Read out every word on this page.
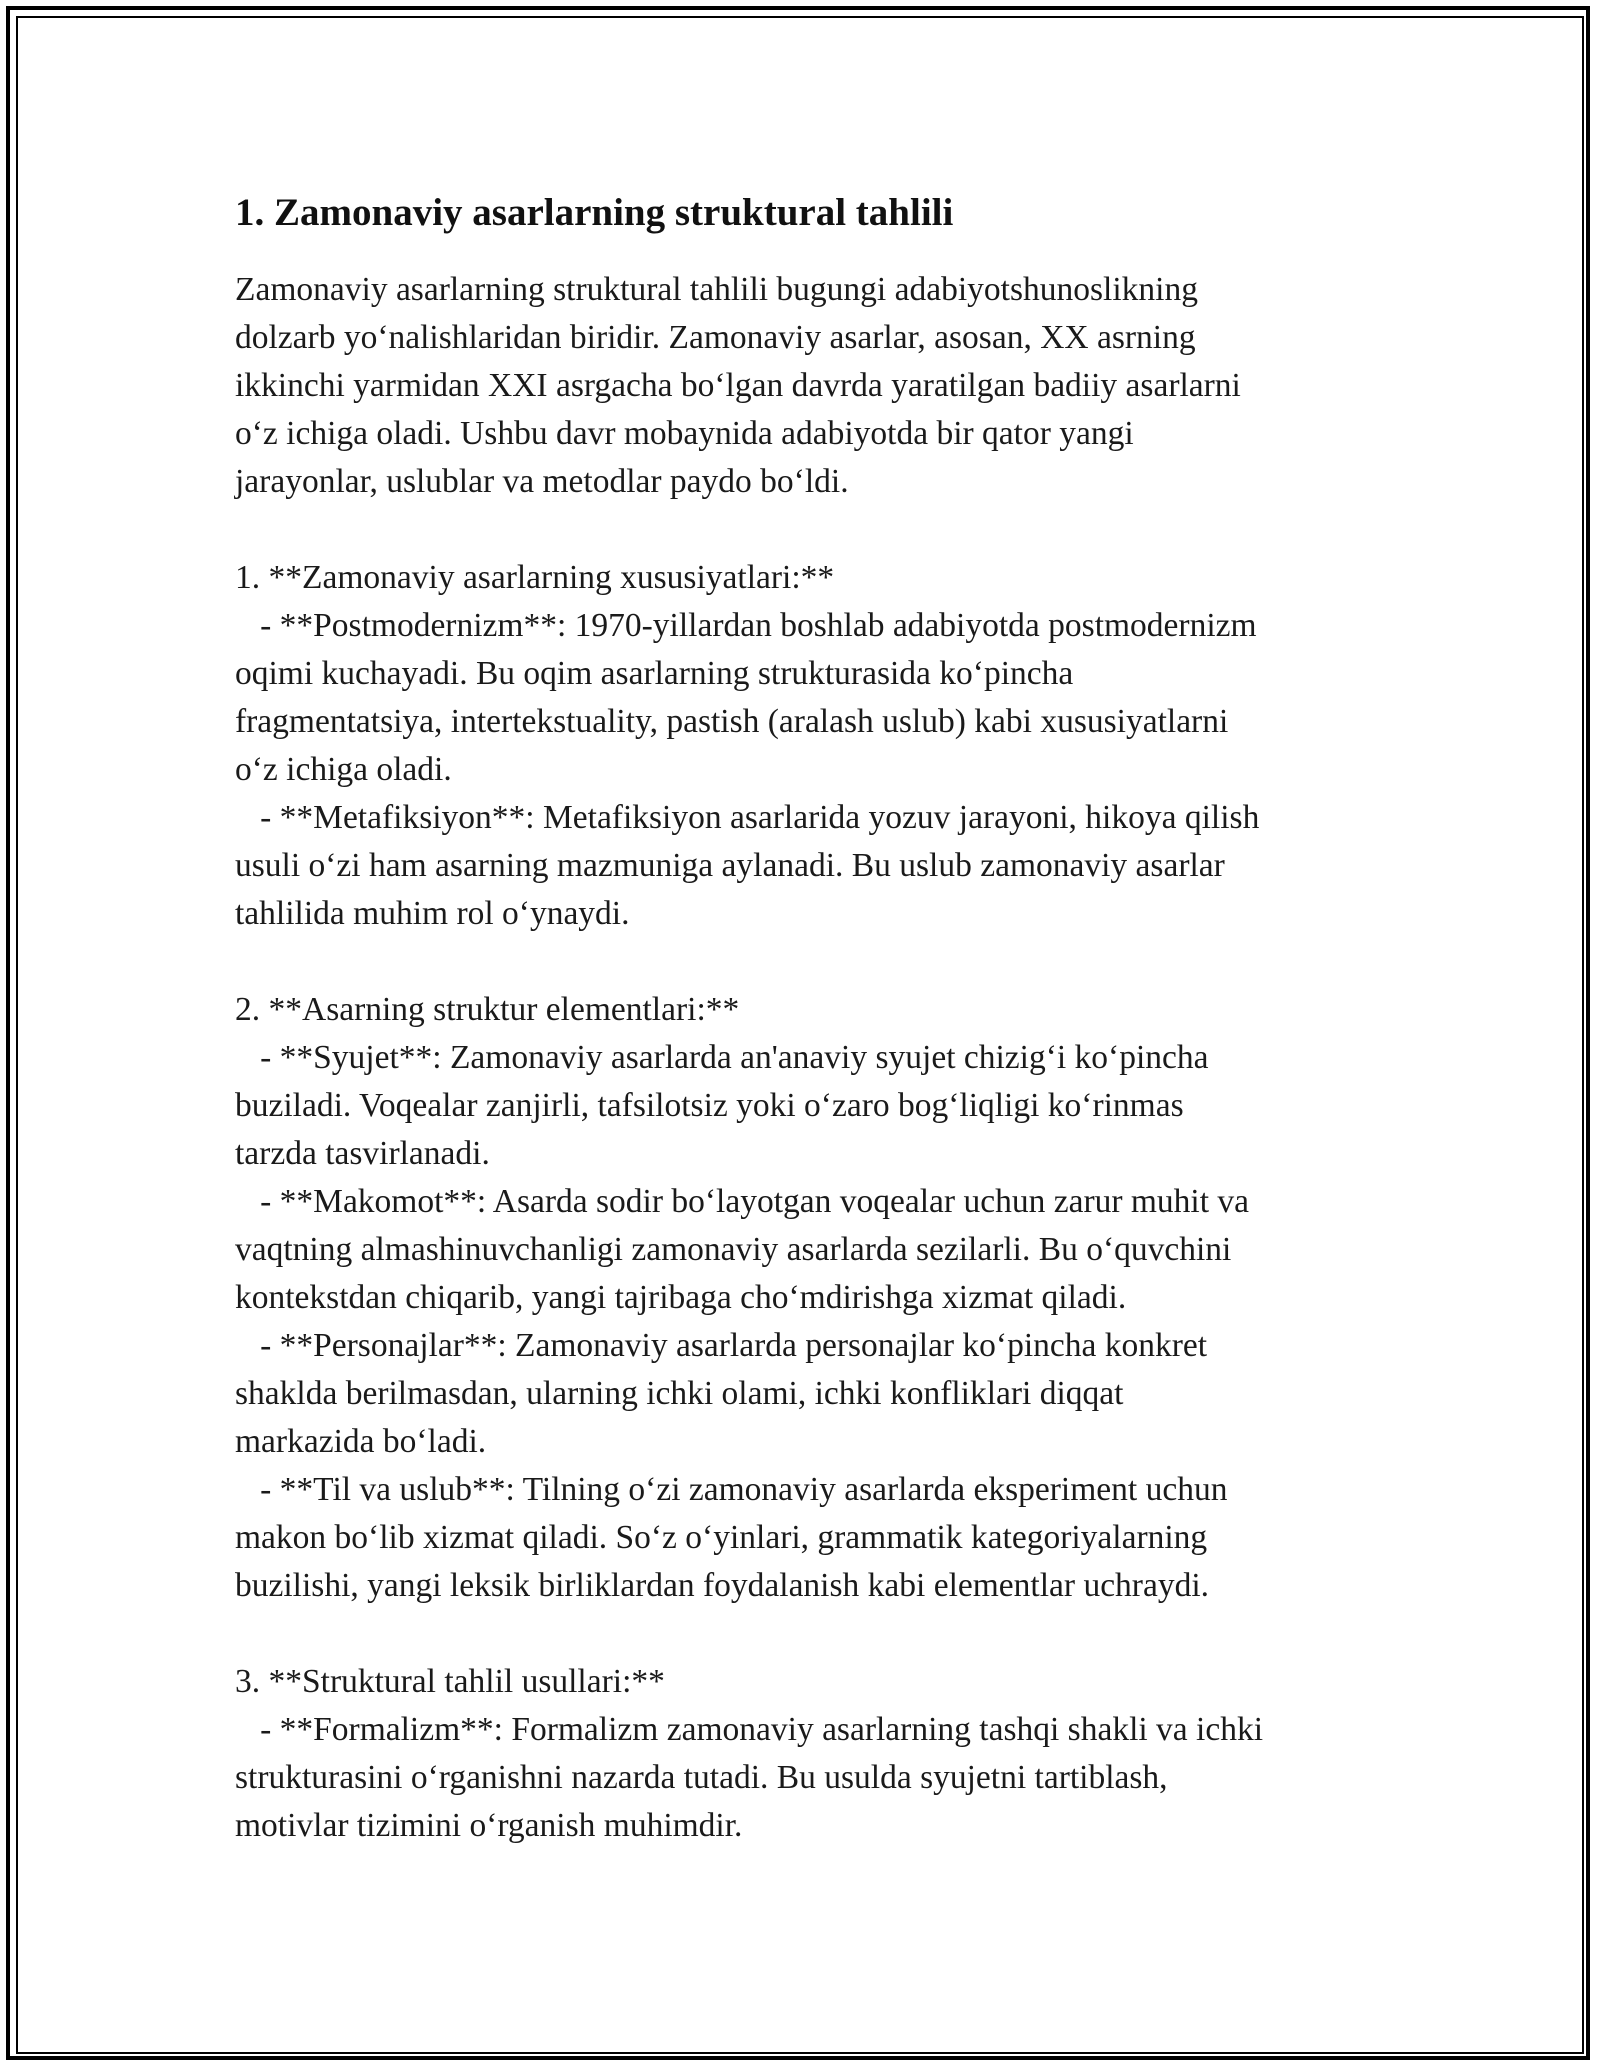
1. Zamonaviy asarlarning struktural tahlili

Zamonaviy asarlarning struktural tahlili bugungi adabiyotshunoslikning
dolzarb yo‘nalishlaridan biridir. Zamonaviy asarlar, asosan, XX asrning
ikkinchi yarmidan XXI asrgacha bo‘lgan davrda yaratilgan badiiy asarlarni
o‘z ichiga oladi. Ushbu davr mobaynida adabiyotda bir qator yangi
jarayonlar, uslublar va metodlar paydo bo‘ldi.

1. **Zamonaviy asarlarning xususiyatlari:**
- **Postmodernizm**: 1970-yillardan boshlab adabiyotda postmodernizm
oqimi kuchayadi. Bu oqim asarlarning strukturasida ko‘pincha
fragmentatsiya, intertekstuality, pastish (aralash uslub) kabi xususiyatlarni
o‘z ichiga oladi.
- **Metafiksiyon**: Metafiksiyon asarlarida yozuv jarayoni, hikoya qilish
usuli o‘zi ham asarning mazmuniga aylanadi. Bu uslub zamonaviy asarlar
tahlilida muhim rol o‘ynaydi.
2. **Asarning struktur elementlari:**
- **Syujet**: Zamonaviy asarlarda an'anaviy syujet chizig‘i ko‘pincha
buziladi. Voqealar zanjirli, tafsilotsiz yoki o‘zaro bog‘liqligi ko‘rinmas
tarzda tasvirlanadi.
- **Makomot**: Asarda sodir bo‘layotgan voqealar uchun zarur muhit va
vaqtning almashinuvchanligi zamonaviy asarlarda sezilarli. Bu o‘quvchini
kontekstdan chiqarib, yangi tajribaga cho‘mdirishga xizmat qiladi.
- **Personajlar**: Zamonaviy asarlarda personajlar ko‘pincha konkret
shaklda berilmasdan, ularning ichki olami, ichki konfliklari diqqat
markazida bo‘ladi.
- **Til va uslub**: Tilning o‘zi zamonaviy asarlarda eksperiment uchun
makon bo‘lib xizmat qiladi. So‘z o‘yinlari, grammatik kategoriyalarning
buzilishi, yangi leksik birliklardan foydalanish kabi elementlar uchraydi.
3. **Struktural tahlil usullari:**
- **Formalizm**: Formalizm zamonaviy asarlarning tashqi shakli va ichki
strukturasini o‘rganishni nazarda tutadi. Bu usulda syujetni tartiblash,
motivlar tizimini o‘rganish muhimdir.
